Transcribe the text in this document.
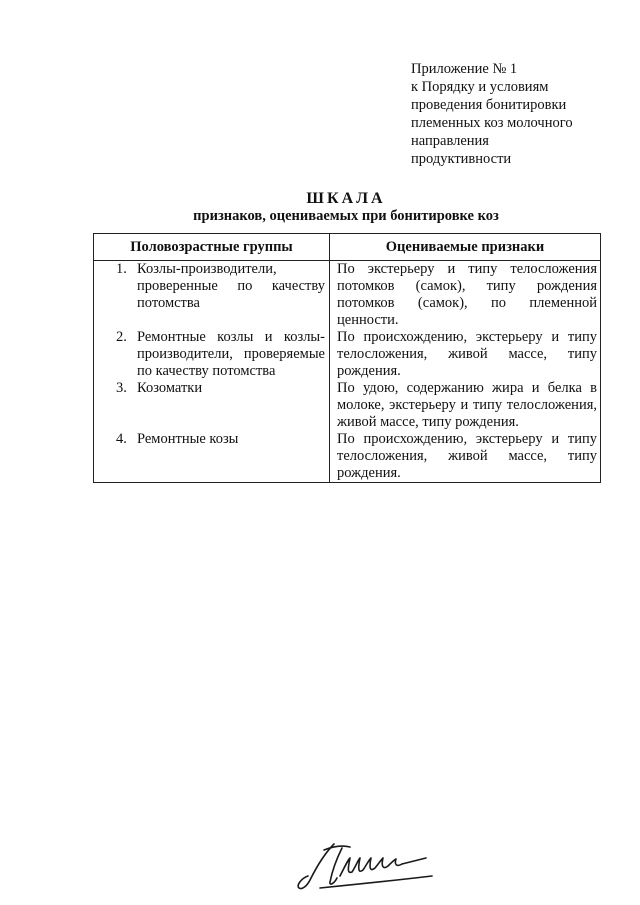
Приложение № 1
к Порядку и условиям
проведения бонитировки
племенных коз молочного
направления
продуктивности
ШКАЛА
признаков, оцениваемых при бонитировке коз
Половозрастные группы	Оцениваемые признаки

1. Козлы-производители, проверенные по качеству потомства	По экстерьеру и типу телосложения потомков (самок), типу рождения потомков (самок), по племенной ценности.

2. Ремонтные козлы и козлы-производители, проверяемые по качеству потомства	По происхождению, экстерьеру и типу телосложения, живой массе, типу рождения.

3. Козоматки	По удою, содержанию жира и белка в молоке, экстерьеру и типу телосложения, живой массе, типу рождения.

4. Ремонтные козы	По происхождению, экстерьеру и типу телосложения, живой массе, типу рождения.
